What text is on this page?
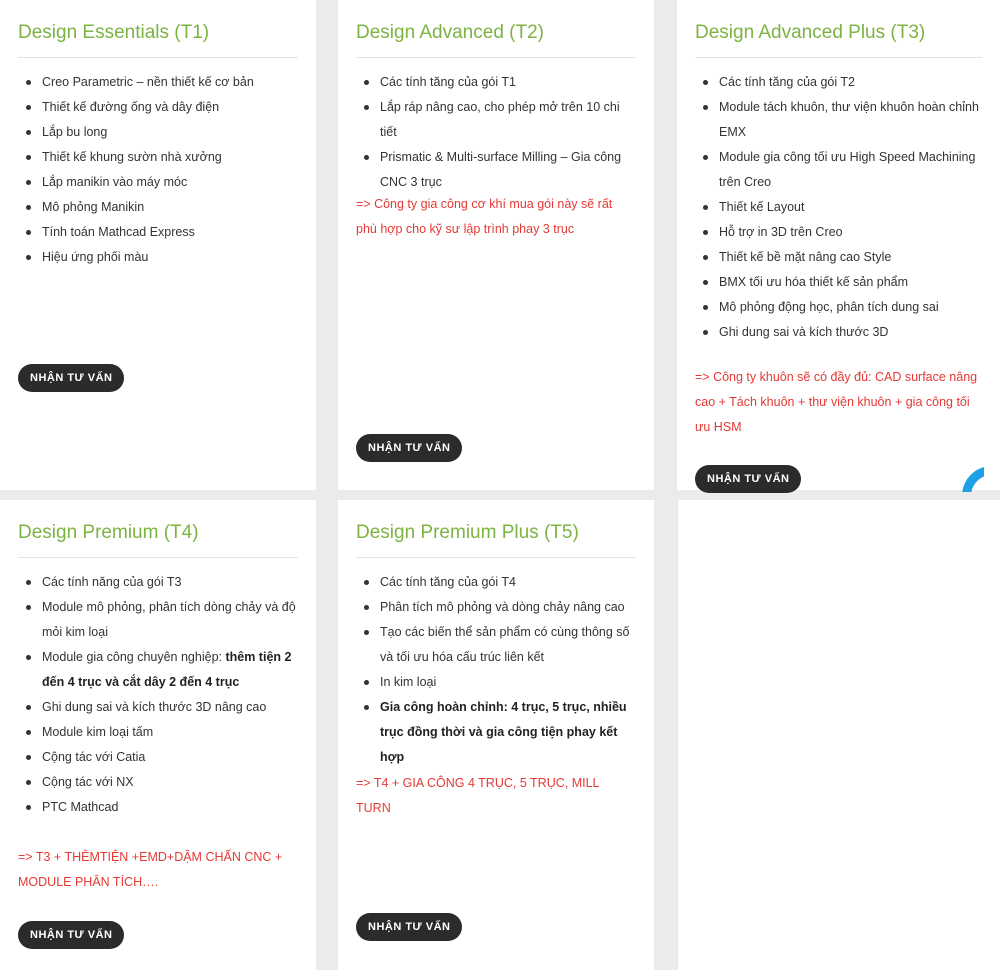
Design Essentials (T1)
Creo Parametric – nền thiết kế cơ bản
Thiết kế đường ống và dây điện
Lắp bu long
Thiết kế khung sườn nhà xưởng
Lắp manikin vào máy móc
Mô phỏng Manikin
Tính toán Mathcad Express
Hiệu ứng phối màu
NHẬN TƯ VẤN
Design Advanced (T2)
Các tính tăng của gói T1
Lắp ráp nâng cao, cho phép mở trên 10 chi tiết
Prismatic & Multi-surface Milling – Gia công CNC 3 trục

=> Công ty gia công cơ khí mua gói này sẽ rất phù hợp cho kỹ sư lập trình phay 3 trục

NHẬN TƯ VẤN
Design Advanced Plus (T3)
Các tính tăng của gói T2
Module tách khuôn, thư viện khuôn hoàn chỉnh EMX
Module gia công tối ưu High Speed Machining trên Creo
Thiết kế Layout
Hỗ trợ in 3D trên Creo
Thiết kế bề mặt nâng cao Style
BMX tối ưu hóa thiết kế sản phẩm
Mô phỏng động học, phân tích dung sai
Ghi dung sai và kích thước 3D

=> Công ty khuôn sẽ có đầy đủ: CAD surface nâng cao + Tách khuôn + thư viện khuôn + gia công tối ưu HSM

NHẬN TƯ VẤN
Design Premium (T4)
Các tính năng của gói T3
Module mô phỏng, phân tích dòng chảy và độ mỏi kim loại
Module gia công chuyên nghiệp: thêm tiện 2 đến 4 trục và cắt dây 2 đến 4 trục
Ghi dung sai và kích thước 3D nâng cao
Module kim loại tấm
Cộng tác với Catia
Cộng tác với NX
PTC Mathcad

=> T3 + THÊMTIỆN +EMD+DẬM CHẤN CNC + MODULE PHÂN TÍCH….

NHẬN TƯ VẤN
Design Premium Plus (T5)
Các tính tăng của gói T4
Phân tích mô phỏng và dòng chảy nâng cao
Tạo các biến thể sản phẩm có cùng thông số và tối ưu hóa cấu trúc liên kết
In kim loại
Gia công hoàn chỉnh: 4 trục, 5 trục, nhiều trục đồng thời và gia công tiện phay kết hợp

=> T4 + GIA CÔNG 4 TRỤC, 5 TRỤC, MILL TURN

NHẬN TƯ VẤN
